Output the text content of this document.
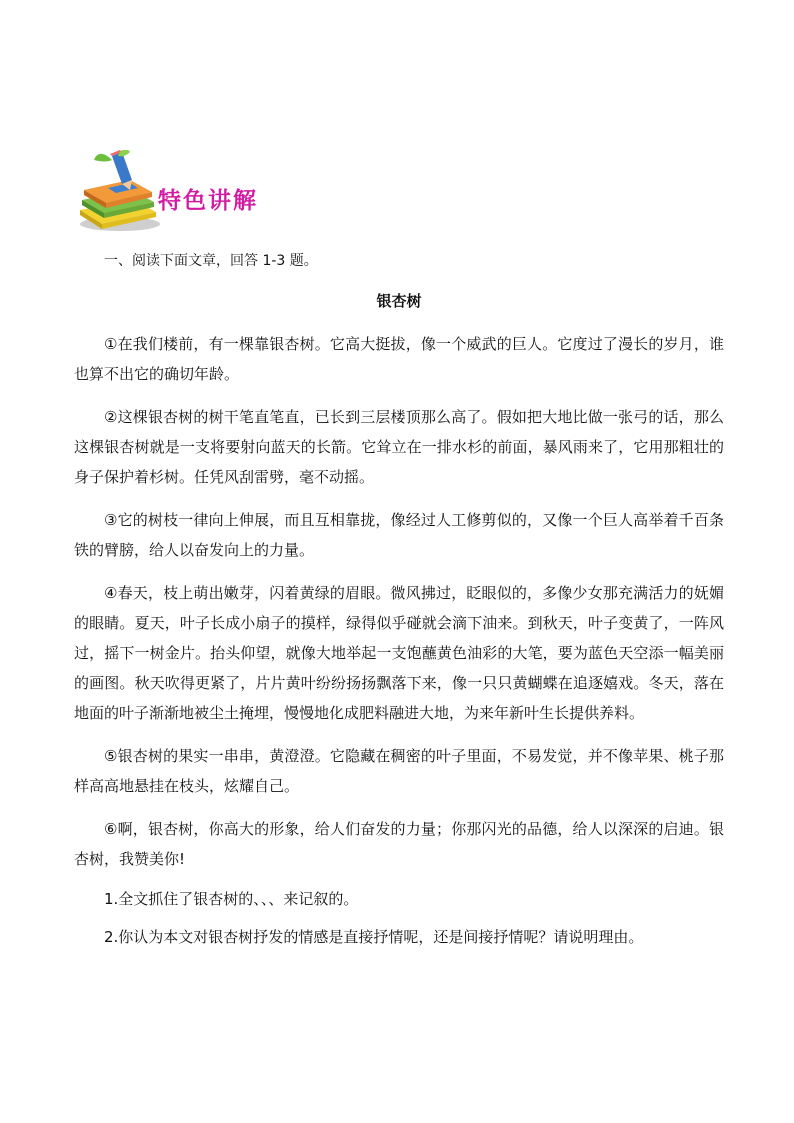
特色讲解
一、阅读下面文章，回答 1-3 题。
银杏树

①在我们楼前，有一棵靠银杏树。它高大挺拔，像一个威武的巨人。它度过了漫长的岁月，谁也算不出它的确切年龄。

②这棵银杏树的树干笔直笔直，已长到三层楼顶那么高了。假如把大地比做一张弓的话，那么这棵银杏树就是一支将要射向蓝天的长箭。它耸立在一排水杉的前面，暴风雨来了，它用那粗壮的身子保护着杉树。任凭风刮雷劈，毫不动摇。

③它的树枝一律向上伸展，而且互相靠拢，像经过人工修剪似的，又像一个巨人高举着千百条铁的臂膀，给人以奋发向上的力量。

④春天，枝上萌出嫩芽，闪着黄绿的眉眼。微风拂过，眨眼似的，多像少女那充满活力的妩媚的眼睛。夏天，叶子长成小扇子的摸样，绿得似乎碰就会滴下油来。到秋天，叶子变黄了，一阵风过，摇下一树金片。抬头仰望，就像大地举起一支饱蘸黄色油彩的大笔，要为蓝色天空添一幅美丽的画图。秋天吹得更紧了，片片黄叶纷纷扬扬飘落下来，像一只只黄蝴蝶在追逐嬉戏。冬天，落在地面的叶子渐渐地被尘土掩埋，慢慢地化成肥料融进大地，为来年新叶生长提供养料。

⑤银杏树的果实一串串，黄澄澄。它隐藏在稠密的叶子里面，不易发觉，并不像苹果、桃子那样高高地悬挂在枝头，炫耀自己。

⑥啊，银杏树，你高大的形象，给人们奋发的力量；你那闪光的品德，给人以深深的启迪。银杏树，我赞美你!

1.全文抓住了银杏树的、、、来记叙的。

2.你认为本文对银杏树抒发的情感是直接抒情呢，还是间接抒情呢？请说明理由。
